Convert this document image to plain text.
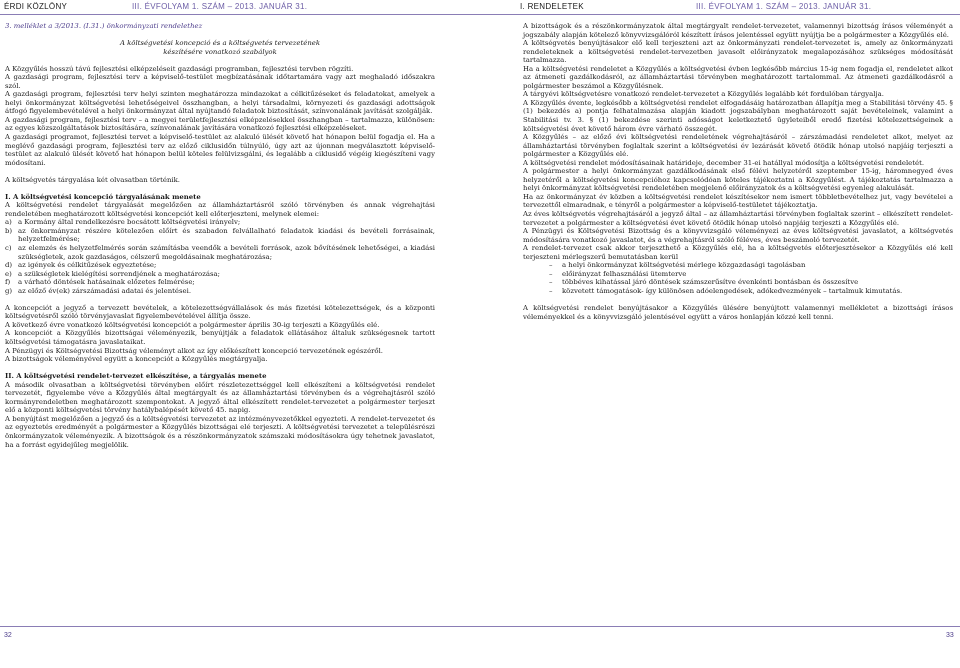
ÉRDI KÖZLÖNY	III. ÉVFOLYAM 1. SZÁM – 2013. JANUÁR 31.	I. RENDELETEK	III. ÉVFOLYAM 1. SZÁM – 2013. JANUÁR 31.

3. melléklet a 3/2013. (I.31.) önkormányzati rendelethez

A költségvetési koncepció és a költségvetés tervezetének

készítésére vonatkozó szabályok

A Közgyűlés hosszú távú fejlesztési elképzeléseit gazdasági programban, fejlesztési tervben rögzíti.

A gazdasági program, fejlesztési terv a képviselő-testület megbízatásának időtartamára vagy azt meghaladó időszakra szól.

A gazdasági program, fejlesztési terv helyi szinten meghatározza mindazokat a célkitűzéseket és feladatokat, amelyek a helyi önkormányzat költségvetési lehetőségeivel összhangban, a helyi társadalmi, környezeti és gazdasági adottságok átfogó figyelembevételével a helyi önkormányzat által nyújtandó feladatok biztosítását, színvonalának javítását szolgálják.

A gazdasági program, fejlesztési terv – a megyei területfejlesztési elképzelésekkel összhangban – tartalmazza, különösen: az egyes közszolgáltatások biztosítására, színvonalának javítására vonatkozó fejlesztési elképzeléseket.

A gazdasági programot, fejlesztési tervet a képviselő-testület az alakuló ülését követő hat hónapon belül fogadja el. Ha a meglévő gazdasági program, fejlesztési terv az előző ciklusidőn túlnyúló, úgy azt az újonnan megválasztott képviselő-testület az alakuló ülését követő hat hónapon belül köteles felülvizsgálni, és legalább a ciklusidő végéig kiegészíteni vagy módosítani.

A költségvetés tárgyalása két olvasatban történik.

I. A költségvetési koncepció tárgyalásának menete

A költségvetési rendelet tárgyalását megelőzően az államháztartásról szóló törvényben és annak végrehajtási rendeletében meghatározott költségvetési koncepciót kell előterjeszteni, melynek elemei:

a) a Kormány által rendelkezésre bocsátott költségvetési irányelv;
b) az önkormányzat részére kötelezően előírt és szabadon felvállalható feladatok kiadási és bevételi forrásainak, helyzetfelmérése;
c) az elemzés és helyzetfelmérés során számításba veendők a bevételi források, azok bővítésének lehetőségei, a kiadási szükségletek, azok gazdaságos, célszerű megoldásainak meghatározása;
d) az igények és célkitűzések egyeztetése;
e) a szükségletek kielégítési sorrendjének a meghatározása;
f)	a várható döntések hatásainak előzetes felmérése;
g) az előző év(ek) zárszámadási adatai és jelentései.

A koncepciót a jegyző a tervezett bevételek, a kötelezettségvállalások és más fizetési kötelezettségek, és a központi költségvetésről szóló törvényjavaslat figyelembevételével állítja össze.

A következő évre vonatkozó költségvetési koncepciót a polgármester április 30-ig terjeszti a Közgyűlés elé.

A koncepciót a Közgyűlés bizottságai véleményezik, benyújtják a feladatok ellátásához általuk szükségesnek tartott költségvetési támogatásra javaslataikat.

A Pénzügyi és Költségvetési Bizottság véleményt alkot az így előkészített koncepció tervezetének egészéről.

A bizottságok véleményével együtt a koncepciót a Közgyűlés megtárgyalja.

II. A költségvetési rendelet-tervezet elkészítése, a tárgyalás menete

A második olvasatban a költségvetési törvényben előírt részletezettséggel kell elkészíteni a költségvetési rendelet tervezetét, figyelembe véve a Közgyűlés által megtárgyalt és az államháztartási törvényben és a végrehajtásról szóló kormányrendeletben meghatározott szempontokat. A jegyző által elkészített rendelet-tervezetet a polgármester terjeszt elő a központi költségvetési törvény hatálybalépését követő 45. napig.

A benyújtást megelőzően a jegyző és a költségvetési tervezetet az intézményvezetőkkel egyezteti. A rendelet-tervezetet és az egyeztetés eredményét a polgármester a Közgyűlés bizottságai elé terjeszti. A költségvetési tervezetet a településrészi önkormányzatok véleményezik. A bizottságok és a részönkormányzatok számszaki módosításokra úgy tehetnek javaslatot, ha a forrást egyidejűleg megjelölik.

A bizottságok és a részönkormányzatok által megtárgyalt rendelet-tervezetet, valamennyi bizottság írásos véleményét a jogszabály alapján kötelező könyvvizsgálóról készített írásos jelentéssel együtt nyújtja be a polgármester a Közgyűlés elé.

A költségvetés benyújtásakor elő kell terjeszteni azt az önkormányzati rendelet-tervezetet is, amely az önkormányzati rendeleteknek a költségvetési rendelet-tervezetben javasolt előirányzatok megalapozásához szükséges módosítását tartalmazza.

Ha a költségvetési rendeletet a Közgyűlés a költségvetési évben legkésőbb március 15-ig nem fogadja el, rendeletet alkot az átmeneti gazdálkodásról, az államháztartási törvényben meghatározott tartalommal. Az átmeneti gazdálkodásról a polgármester beszámol a Közgyűlésnek.

A tárgyévi költségvetésre vonatkozó rendelet-tervezetet a Közgyűlés legalább két fordulóban tárgyalja.

A Közgyűlés évente, legkésőbb a költségvetési rendelet elfogadásáig határozatban állapítja meg a Stabilitási törvény 45. § (1) bekezdés a) pontja felhatalmazása alapján kiadott jogszabályban meghatározott saját bevételeinek, valamint a Stabilitási tv. 3. § (1) bekezdése szerinti adósságot keletkeztető ügyleteiből eredő fizetési kötelezettségeinek a költségvetési évet követő három évre várható összegét.

A Közgyűlés – az előző évi költségvetési rendeletének végrehajtásáról – zárszámadási rendeletet alkot, melyet az államháztartási törvényben foglaltak szerint a költségvetési év lezárását követő ötödik hónap utolsó napjáig terjeszti a polgármester a Közgyűlés elé.

A költségvetési rendelet módosításainak határideje, december 31-ei hatállyal módosítja a költségvetési rendeletét.

A polgármester a helyi önkormányzat gazdálkodásának első félévi helyzetéről szeptember 15-ig, háromnegyed éves helyzetéről a költségvetési koncepcióhoz kapcsolódóan köteles tájékoztatni a Közgyűlést. A tájékoztatás tartalmazza a helyi önkormányzat költségvetési rendeletében megjelenő előirányzatok és a költségvetési egyenleg alakulását.

Ha az önkormányzat év közben a költségvetési rendelet készítésekor nem ismert többletbevételhez jut, vagy bevételei a tervezettől elmaradnak, e tényről a polgármester a képviselő-testületet tájékoztatja.

Az éves költségvetés végrehajtásáról a jegyző által – az államháztartási törvényben foglaltak szerint – elkészített rendelet-tervezetet a polgármester a költségvetési évet követő ötödik hónap utolsó napjáig terjeszti a Közgyűlés elé.

A Pénzügyi és Költségvetési Bizottság és a könyvvizsgáló véleményezi az éves költségvetési javaslatot, a költségvetés módosítására vonatkozó javaslatot, és a végrehajtásról szóló féléves, éves beszámoló tervezetét.

A rendelet-tervezet csak akkor terjeszthető a Közgyűlés elé, ha a költségvetés előterjesztésekor a Közgyűlés elé kell terjeszteni mérlegszerű bemutatásban kerül

–	a helyi önkormányzat költségvetési mérlege közgazdasági tagolásban
–	előirányzat felhasználási ütemterve
–	többéves kihatással járó döntések számszerűsítve évenkénti bontásban és összesítve
–	közvetett támogatások- így különösen adóelengedések, adókedvezmények – tartalmuk kimutatás.

A költségvetési rendelet benyújtásakor a Közgyűlés ülésére benyújtott valamennyi mellékletet a bizottsági írásos véleményekkel és a könyvvizsgáló jelentésével együtt a város honlapján közzé kell tenni.

32	33
